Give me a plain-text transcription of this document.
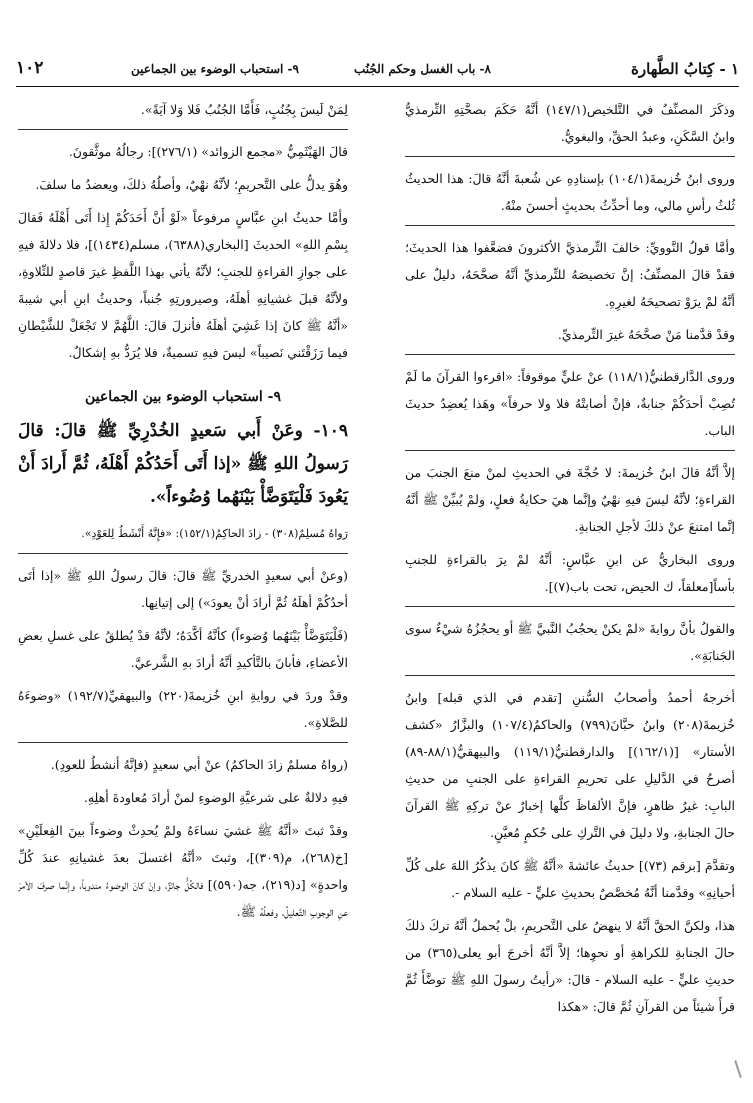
١ - كِتابُ الطَّهارة
٨- باب الغسل وحكم الجُنُب
٩- استحباب الوضوء بين الجماعين
١٠٢

وذكَرَ المصنِّفُ في التَّلخيص(١٤٧/١) أنَّهُ حَكَمَ بصحَّتِهِ التِّرمذيُّ وابنُ السَّكَنِ، وعبدُ الحقِّ، والبغويُّ.

وروى ابنُ خُزيمةَ(١٠٤/١) بإسنادِهِ عن شُعبةَ أنَّهُ قالَ: هذا الحديثُ ثُلثُ رأسِ مالي، وما أحدِّثُ بحديثٍ أحسنَ منْهُ.

وأمَّا قولُ النَّوويِّ: خالفَ التِّرمذيَّ الأكثرونَ فضعَّفوا هذا الحديثَ؛ فقدْ قالَ المصنِّفُ: إنَّ تخصيصَهُ للتِّرمذيِّ أنَّهُ صحَّحَهُ، دليلٌ على أنَّهُ لمْ يرَوْ تصحيحَهُ لغيرِهِ.

وقدْ قدَّمنا مَنْ صحَّحَهُ غيرَ التِّرمذيِّ.

وروى الدَّارقطنيُّ(١١٨/١) عنْ عليٍّ موقوفاً: «اقرءوا القرآنَ ما لَمْ تُصِبْ أحدَكُمْ جنابةٌ، فإنْ أصابتْهُ فلا ولا حرفاً» وهَذا يُعضِدُ حديثَ الباب.

إلاَّ أنَّهُ قالَ ابنُ خُزيمةَ: لا حُجَّةَ في الحديثِ لمنْ منعَ الجنبَ من القراءةِ؛ لأنَّهُ ليسَ فيهِ نهْيٌ وإنَّما هيَ حكايةُ فعلٍ، ولمْ يُبيِّنْ ﷺ أنَّهُ إنَّما امتنعَ عنْ ذلكَ لأجلِ الجنابةِ.

وروى البخاريُّ عن ابنِ عبَّاسٍ: أنَّهُ لمْ يرَ بالقراءةِ للجنبِ بأساً[معلقاً، ك الحيض، تحت باب(٧)].

والقولُ بأنَّ روايةَ «لمْ يكنْ يحجُبُ النَّبيَّ ﷺ أو يحجُزُهُ شيْءٌ سوى الجَنابَةِ».

أخرجهُ أحمدُ وأصحابُ السُّننِ [تقدم في الذي قبله] وابنُ خُزيمةَ(٢٠٨) وابنُ حبَّانَ(٧٩٩) والحاكمُ(١٠٧/٤) والبزَّارُ «كشف الأستار» [(١٦٢/١)] والدارقطنيُّ(١١٩/١) والبيهقيُّ(٨٨/١-٨٩) أصرحُ في الدَّليلِ على تحريمِ القراءةِ على الجنبِ من حديثِ البابِ: غيرُ ظاهرٍ، فإنَّ الألفاظَ كلَّها إخبارٌ عنْ تركِهِ ﷺ القرآنَ حالَ الجنابةِ، ولا دليلَ في التَّركِ على حُكمٍ مُعيَّنٍ.

وتقدَّمَ [برقم (٧٣)] حديثُ عائشةَ «أنَّهُ ﷺ كانَ يذكُرُ اللهَ على كُلِّ أحيانِهِ» وقدَّمنا أنَّهُ مُخصَّصٌ بحديثِ عليٍّ - عليه السلام -.

هذا، ولكنَّ الحقَّ أنَّهُ لا ينهضُ على التَّحريمِ، بلْ يُحملُ أنَّهُ تركَ ذلكَ حالَ الجنابةِ للكراهةِ أو نحوِها؛ إلاَّ أنَّهُ أخرجَ أبو يعلى(٣٦٥) من حديثِ عليٍّ - عليه السلام - قالَ: «رأيتُ رسولَ اللهِ ﷺ توضَّأَ ثُمَّ قرأَ شيئاً من القرآنِ ثُمَّ قالَ: «هكذا

لِمَنْ لَيسَ بِجُنُبٍ، فَأَمَّا الجُنُبُ فَلا وَلا آيَةً».

قالَ الهَيْثَمِيُّ «مجمع الزوائد» (٢٧٦/١)]: رجالُهُ موثَّقونَ.

وهُوَ يدلُّ على التَّحريمِ؛ لأنَّهُ نهْيٌ، وأصلُهُ ذلكَ، ويعضدُ ما سلفَ.

وأمَّا حديثُ ابنِ عبَّاسٍ مرفوعاً «لَوْ أَنَّ أَحَدَكُمْ إِذا أَتَى أَهْلَهُ فَقالَ بِسْمِ اللهِ» الحديثَ [البخاري(٦٣٨٨)، مسلم(١٤٣٤)]، فلا دلالةَ فيهِ على جوازِ القراءةِ للجنبِ؛ لأنَّهُ يأتي بهذا اللَّفظِ غيرَ قاصدٍ للتِّلاوةِ، ولأنَّهُ قبلَ غشيانِهِ أهلَهُ، وصيرورتِهِ جُنباً، وحديثُ ابنِ أبي شيبةَ «أنَّهُ ﷺ كانَ إذا غَشِيَ أهلَهُ فأنزلَ قالَ: اللَّهُمَّ لا تَجْعَلْ للشَّيْطانِ فيما رَزَقْتَني نَصيباً» ليسَ فيهِ تسميةٌ، فلا يُرَدُّ بهِ إشكالٌ.

٩- استحباب الوضوء بين الجماعين

١٠٩- وعَنْ أَبي سَعيدٍ الخُدْرِيِّ ﷺ قالَ: قالَ رَسولُ اللهِ ﷺ «إذا أَتَى أَحَدُكُمْ أَهْلَهُ، ثُمَّ أَرادَ أَنْ يَعُودَ فَلْيَتَوَضَّأْ بَيْنَهُما وُضُوءاً».

رَواهُ مُسلِمٌ(٣٠٨) - زادَ الحاكِمُ(١٥٢/١): «فإِنَّهُ أَنْشَطُ لِلعَوْدِ».

(وعنْ أبي سعيدٍ الخدريِّ ﷺ قالَ: قالَ رسولُ اللهِ ﷺ «إذا أتَى أحدُكُمْ أهلَهُ ثُمَّ أرادَ أنْ يعودَ») إلى إتيانِها.

(فَلْيَتَوَضَّأْ بَيْنَهُما وُضوءاً) كأنَّهُ أكَّدَهُ؛ لأنَّهُ قدْ يُطلقُ على غسلِ بعضِ الأعضاءِ، فأبانَ بالتَّأكيدِ أنَّهُ أرادَ بهِ الشَّرعيَّ.

وقدْ وردَ في روايةِ ابنِ خُزيمةَ(٢٢٠) والبيهقيِّ(١٩٢/٧) «وضوءَهُ للصَّلاةِ».

(رواهُ مسلمٌ زادَ الحاكمُ) عنْ أبي سعيدٍ (فإنَّهُ أنشطُ للعودِ).

فيهِ دلالةٌ على شرعيَّةِ الوضوءِ لمنْ أرادَ مُعاودةَ أهلِهِ.

وقدْ ثبتَ «أنَّهُ ﷺ غشيَ نساءَهُ ولمْ يُحدِثْ وضوءاً بينَ الفِعلَيْنِ» [خ(٢٦٨)، م(٣٠٩)]، وثبتَ «أنَّهُ اغتسلَ بعدَ غشيانِهِ عندَ كُلِّ واحدةٍ» [د(٢١٩)، جه(٥٩٠)] فالكُلُّ جائزٌ، وإنْ كانَ الوضوءُ مندوباً، وإنَّما صرفَ الأمرَ عنِ الوجوبِ التَّعليلُ، وفعلُهُ ﷺ.
